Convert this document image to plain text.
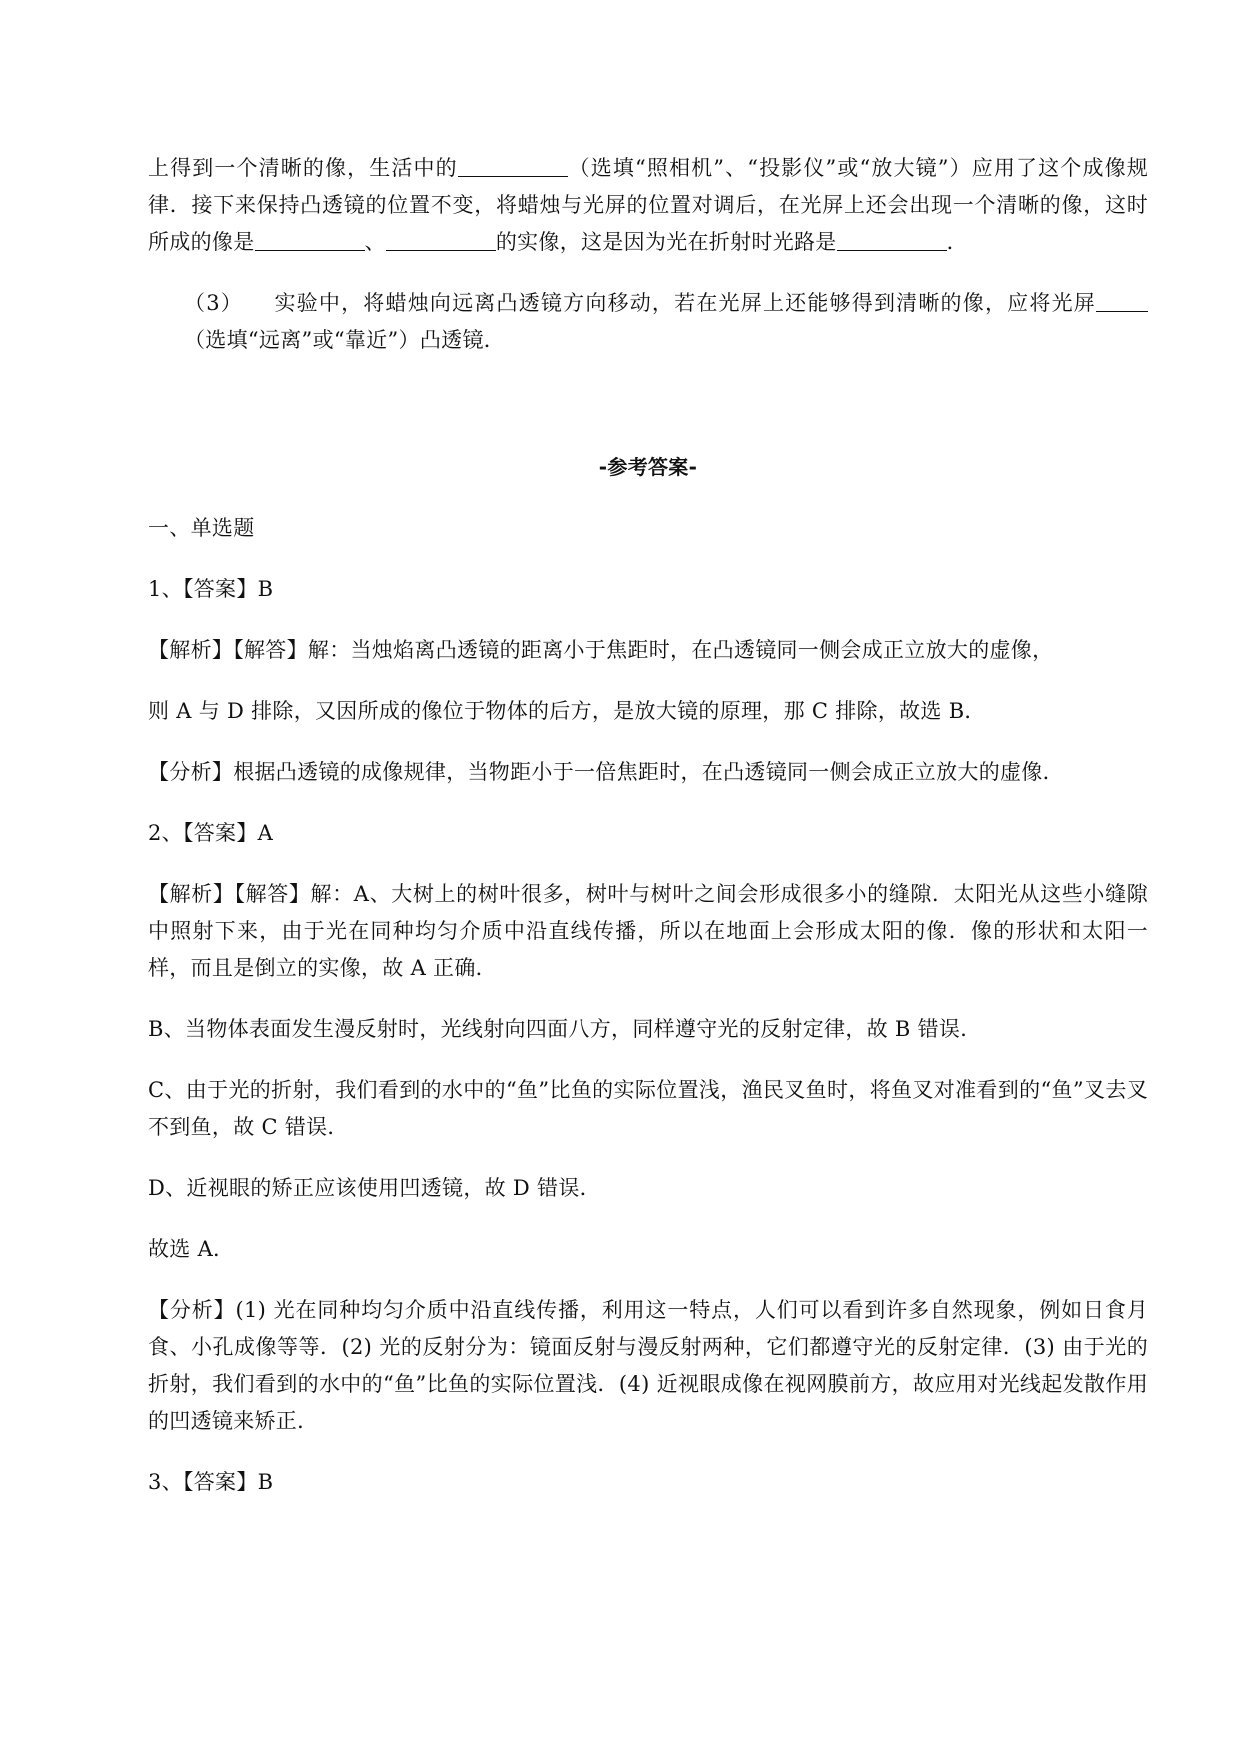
上得到一个清晰的像，生活中的	（选填“照相机”、“投影仪”或“放大镜”）应用了这个成像规律．接下来保持凸透镜的位置不变，将蜡烛与光屏的位置对调后，在光屏上还会出现一个清晰的像，这时所成的像是	、	的实像，这是因为光在折射时光路是	．

（3） 实验中，将蜡烛向远离凸透镜方向移动，若在光屏上还能够得到清晰的像，应将光屏（选填“远离”或“靠近”）凸透镜．

-参考答案-

一、单选题

1、【答案】B

【解析】【解答】解：当烛焰离凸透镜的距离小于焦距时，在凸透镜同一侧会成正立放大的虚像，

则 A 与 D 排除，又因所成的像位于物体的后方，是放大镜的原理，那 C 排除，故选 B．

【分析】根据凸透镜的成像规律，当物距小于一倍焦距时，在凸透镜同一侧会成正立放大的虚像．

2、【答案】A

【解析】【解答】解：A、大树上的树叶很多，树叶与树叶之间会形成很多小的缝隙．太阳光从这些小缝隙中照射下来，由于光在同种均匀介质中沿直线传播，所以在地面上会形成太阳的像．像的形状和太阳一样，而且是倒立的实像，故 A 正确．

B、当物体表面发生漫反射时，光线射向四面八方，同样遵守光的反射定律，故 B 错误．

C、由于光的折射，我们看到的水中的“鱼”比鱼的实际位置浅，渔民叉鱼时，将鱼叉对准看到的“鱼”叉去叉不到鱼，故 C 错误．

D、近视眼的矫正应该使用凹透镜，故 D 错误．

故选 A．

【分析】(1) 光在同种均匀介质中沿直线传播，利用这一特点，人们可以看到许多自然现象，例如日食月食、小孔成像等等．(2) 光的反射分为：镜面反射与漫反射两种，它们都遵守光的反射定律．(3) 由于光的折射，我们看到的水中的“鱼”比鱼的实际位置浅．(4) 近视眼成像在视网膜前方，故应用对光线起发散作用的凹透镜来矫正．

3、【答案】B
